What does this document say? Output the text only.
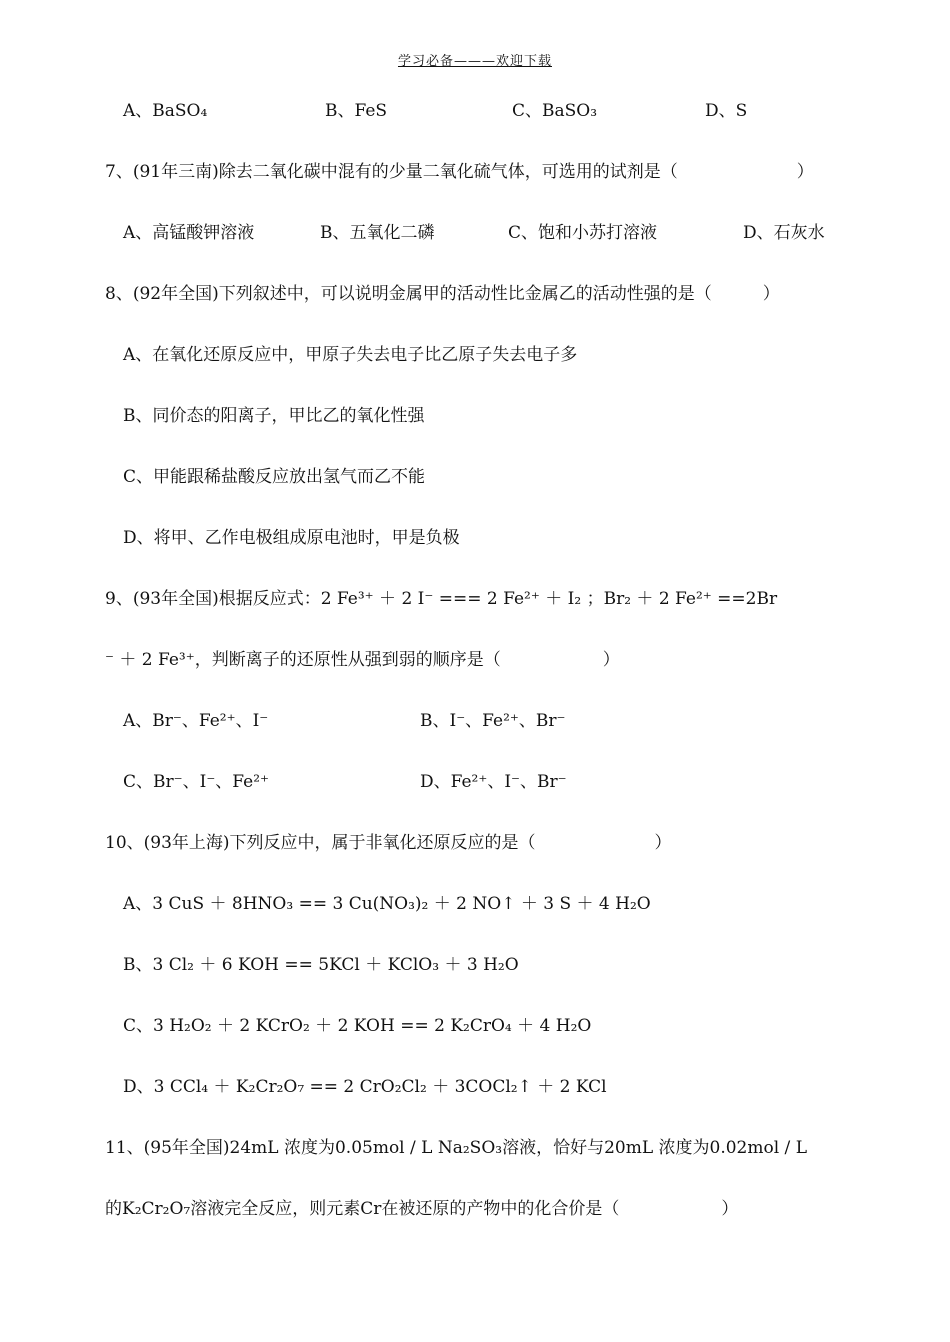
学习必备———欢迎下载
A、BaSO₄	B、FeS	C、BaSO₃	D、S
7、(91年三南)除去二氧化碳中混有的少量二氧化硫气体，可选用的试剂是（　　　　　　　）
A、高锰酸钾溶液	B、五氧化二磷	C、饱和小苏打溶液	D、石灰水
8、(92年全国)下列叙述中，可以说明金属甲的活动性比金属乙的活动性强的是（　　　）
A、在氧化还原反应中，甲原子失去电子比乙原子失去电子多
B、同价态的阳离子，甲比乙的氧化性强
C、甲能跟稀盐酸反应放出氢气而乙不能
D、将甲、乙作电极组成原电池时，甲是负极
9、(93年全国)根据反应式：2 Fe³⁺ ＋ 2 I⁻ === 2 Fe²⁺ ＋ I₂ ；Br₂ ＋ 2 Fe²⁺ ==2Br
⁻ ＋ 2 Fe³⁺，判断离子的还原性从强到弱的顺序是（　　　　　　）
A、Br⁻、Fe²⁺、I⁻	B、I⁻、Fe²⁺、Br⁻
C、Br⁻、I⁻、Fe²⁺	D、Fe²⁺、I⁻、Br⁻
10、(93年上海)下列反应中，属于非氧化还原反应的是（　　　　　　　）
A、3 CuS ＋ 8HNO₃ == 3 Cu(NO₃)₂ ＋ 2 NO↑ ＋ 3 S ＋ 4 H₂O
B、3 Cl₂ ＋ 6 KOH == 5KCl ＋ KClO₃ ＋ 3 H₂O
C、3 H₂O₂ ＋ 2 KCrO₂ ＋ 2 KOH == 2 K₂CrO₄ ＋ 4 H₂O
D、3 CCl₄ ＋ K₂Cr₂O₇ == 2 CrO₂Cl₂ ＋ 3COCl₂↑ ＋ 2 KCl
11、(95年全国)24mL 浓度为0.05mol / L Na₂SO₃溶液，恰好与20mL 浓度为0.02mol / L
的K₂Cr₂O₇溶液完全反应，则元素Cr在被还原的产物中的化合价是（　　　　　　）
